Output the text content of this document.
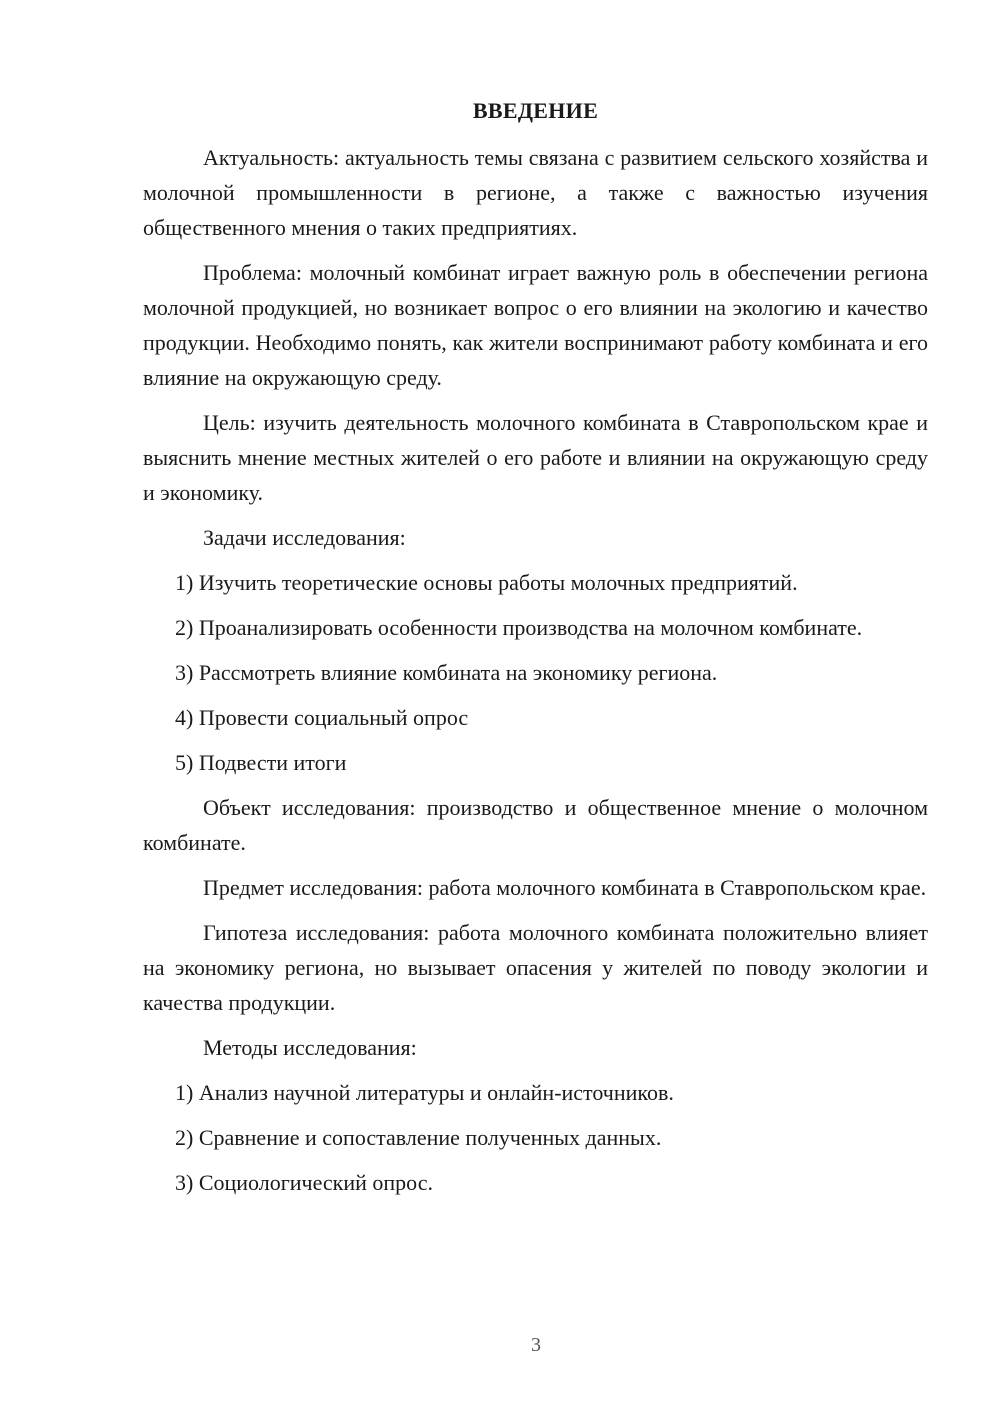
ВВЕДЕНИЕ

Актуальность: актуальность темы связана с развитием сельского хозяйства и молочной промышленности в регионе, а также с важностью изучения общественного мнения о таких предприятиях.

Проблема: молочный комбинат играет важную роль в обеспечении региона молочной продукцией, но возникает вопрос о его влиянии на экологию и качество продукции. Необходимо понять, как жители воспринимают работу комбината и его влияние на окружающую среду.

Цель: изучить деятельность молочного комбината в Ставропольском крае и выяснить мнение местных жителей о его работе и влиянии на окружающую среду и экономику.

Задачи исследования:

1) Изучить теоретические основы работы молочных предприятий.

2) Проанализировать особенности производства на молочном комбинате.

3) Рассмотреть влияние комбината на экономику региона.

4) Провести социальный опрос

5) Подвести итоги

Объект исследования: производство и общественное мнение о молочном комбинате.

Предмет исследования: работа молочного комбината в Ставропольском крае.

Гипотеза исследования: работа молочного комбината положительно влияет на экономику региона, но вызывает опасения у жителей по поводу экологии и качества продукции.

Методы исследования:

1) Анализ научной литературы и онлайн-источников.

2) Сравнение и сопоставление полученных данных.

3) Социологический опрос.

3
